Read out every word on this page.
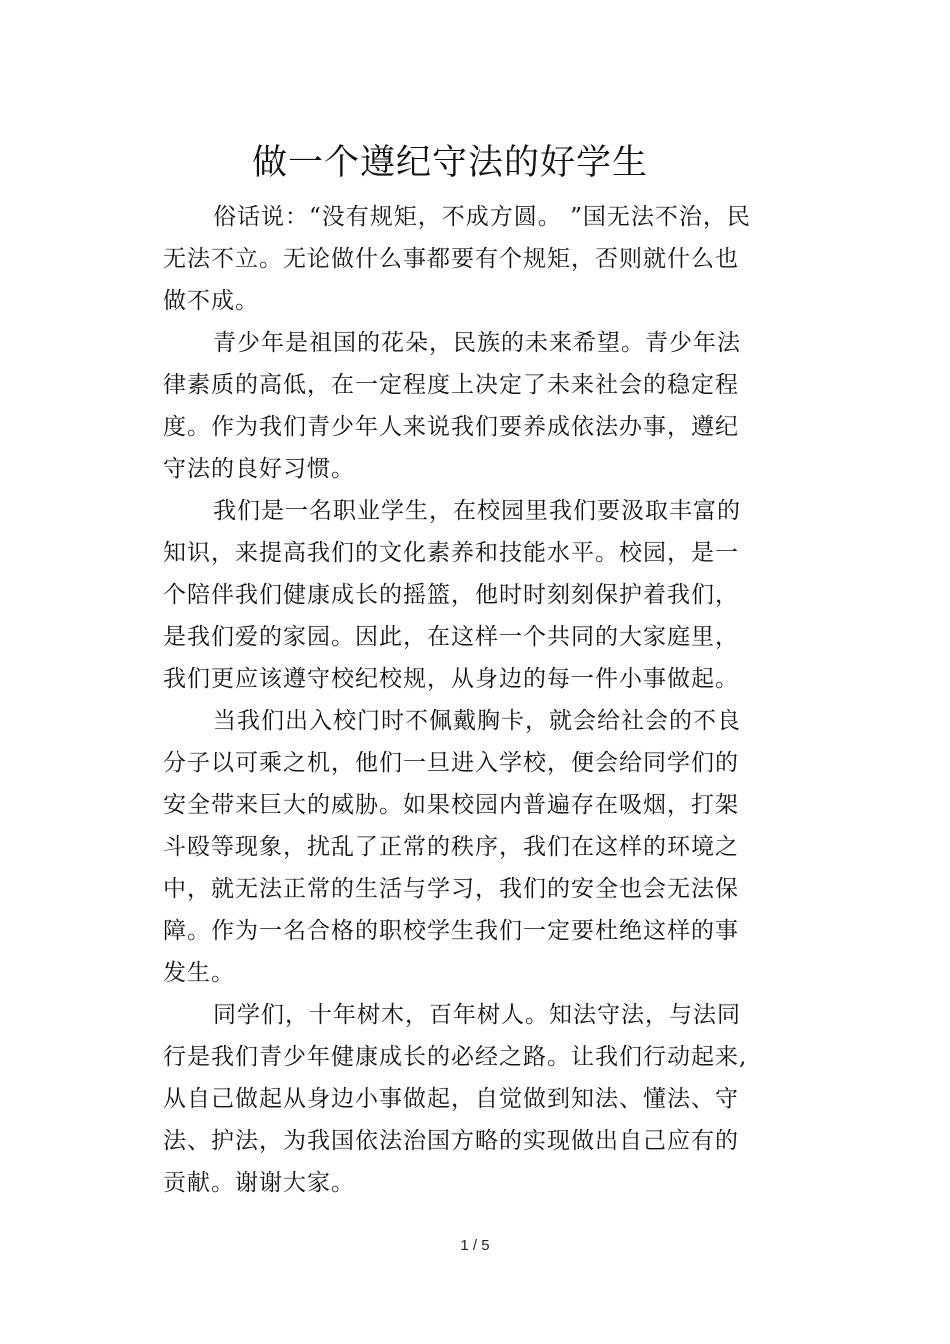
做一个遵纪守法的好学生

俗话说：“没有规矩，不成方圆。 ”国无法不治，民
无法不立。无论做什么事都要有个规矩，否则就什么也
做不成。

青少年是祖国的花朵，民族的未来希望。青少年法
律素质的高低，在一定程度上决定了未来社会的稳定程
度。作为我们青少年人来说我们要养成依法办事，遵纪
守法的良好习惯。

我们是一名职业学生，在校园里我们要汲取丰富的
知识，来提高我们的文化素养和技能水平。校园，是一
个陪伴我们健康成长的摇篮，他时时刻刻保护着我们，
是我们爱的家园。因此，在这样一个共同的大家庭里，
我们更应该遵守校纪校规，从身边的每一件小事做起。

当我们出入校门时不佩戴胸卡，就会给社会的不良
分子以可乘之机，他们一旦进入学校，便会给同学们的
安全带来巨大的威胁。如果校园内普遍存在吸烟，打架
斗殴等现象，扰乱了正常的秩序，我们在这样的环境之
中，就无法正常的生活与学习，我们的安全也会无法保
障。作为一名合格的职校学生我们一定要杜绝这样的事
发生。

同学们，十年树木，百年树人。知法守法，与法同
行是我们青少年健康成长的必经之路。让我们行动起来,
从自己做起从身边小事做起，自觉做到知法、懂法、守
法、护法，为我国依法治国方略的实现做出自己应有的
贡献。谢谢大家。

1 / 5
